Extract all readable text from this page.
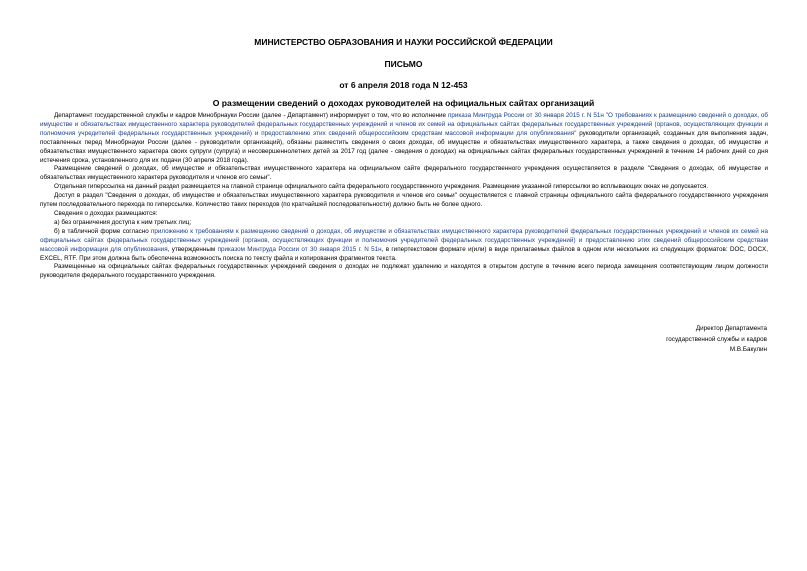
МИНИСТЕРСТВО ОБРАЗОВАНИЯ И НАУКИ РОССИЙСКОЙ ФЕДЕРАЦИИ
ПИСЬМО
от 6 апреля 2018 года N 12-453
О размещении сведений о доходах руководителей на официальных сайтах организаций

Департамент государственной службы и кадров Минобрнауки России (далее - Департамент) информирует о том, что во исполнение приказа Минтруда России от 30 января 2015 г. N 51н "О требованиях к размещению сведений о доходах, об имуществе и обязательствах имущественного характера руководителей федеральных государственных учреждений и членов их семей на официальных сайтах федеральных государственных учреждений (органов, осуществляющих функции и полномочия учредителей федеральных государственных учреждений) и предоставлению этих сведений общероссийским средствам массовой информации для опубликования" руководители организаций, созданных для выполнения задач, поставленных перед Минобрнауки России (далее - руководители организаций), обязаны разместить сведения о своих доходах, об имуществе и обязательствах имущественного характера, а также сведения о доходах, об имуществе и обязательствах имущественного характера своих супруги (супруга) и несовершеннолетних детей за 2017 год (далее - сведения о доходах) на официальных сайтах федеральных государственных учреждений в течение 14 рабочих дней со дня истечения срока, установленного для их подачи (30 апреля 2018 года).

Размещение сведений о доходах, об имуществе и обязательствах имущественного характера на официальном сайте федерального государственного учреждения осуществляется в разделе "Сведения о доходах, об имуществе и обязательствах имущественного характера руководителя и членов его семьи".

Отдельная гиперссылка на данный раздел размещается на главной странице официального сайта федерального государственного учреждения. Размещение указанной гиперссылки во всплывающих окнах не допускается.

Доступ в раздел "Сведения о доходах, об имуществе и обязательствах имущественного характера руководителя и членов его семьи" осуществляется с главной страницы официального сайта федерального государственного учреждения путем последовательного перехода по гиперссылке. Количество таких переходов (по кратчайшей последовательности) должно быть не более одного.

Сведения о доходах размещаются:

а) без ограничения доступа к ним третьих лиц;

б) в табличной форме согласно приложению к требованиям к размещению сведений о доходах, об имуществе и обязательствах имущественного характера руководителей федеральных государственных учреждений и членов их семей на официальных сайтах федеральных государственных учреждений (органов, осуществляющих функции и полномочия учредителей федеральных государственных учреждений) и предоставлению этих сведений общероссийским средствам массовой информации для опубликования, утвержденным приказом Минтруда России от 30 января 2015 г. N 51н, в гипертекстовом формате и(или) в виде прилагаемых файлов в одном или нескольких из следующих форматов: DOC, DOCX, EXCEL, RTF. При этом должна быть обеспечена возможность поиска по тексту файла и копирования фрагментов текста.

Размещенные на официальных сайтах федеральных государственных учреждений сведения о доходах не подлежат удалению и находятся в открытом доступе в течение всего периода замещения соответствующим лицом должности руководителя федерального государственного учреждения.

Директор Департамента
государственной службы и кадров
М.В.Бакулин
